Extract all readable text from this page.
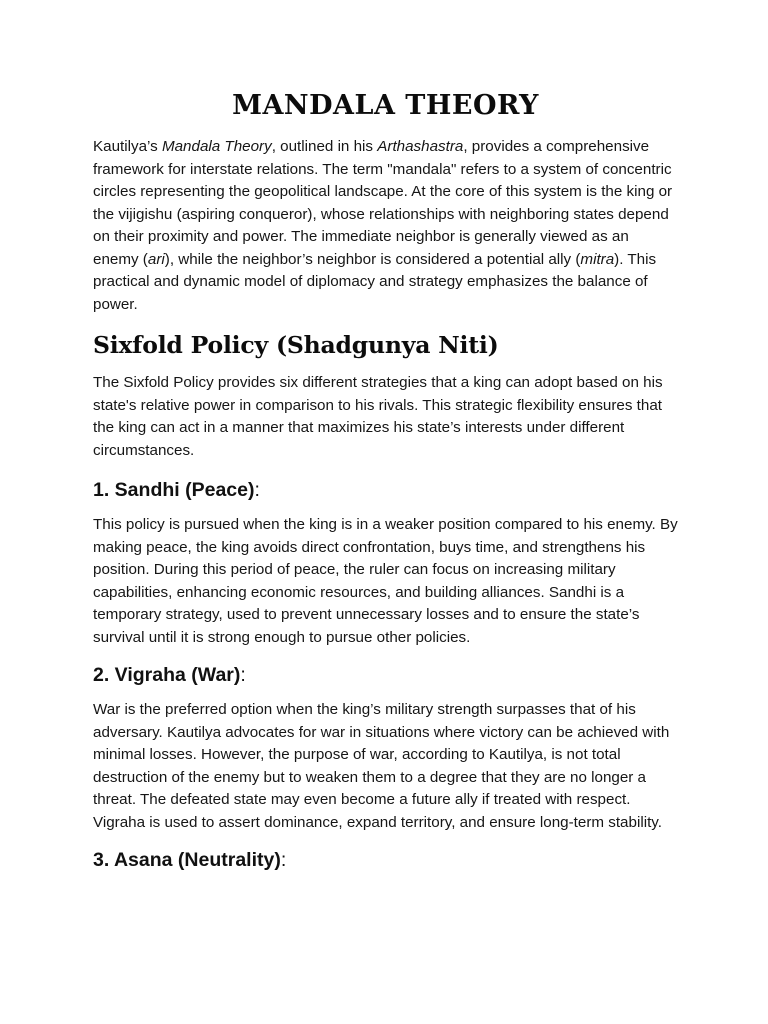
MANDALA THEORY

Kautilya’s Mandala Theory, outlined in his Arthashastra, provides a comprehensive framework for interstate relations. The term "mandala" refers to a system of concentric circles representing the geopolitical landscape. At the core of this system is the king or the vijigishu (aspiring conqueror), whose relationships with neighboring states depend on their proximity and power. The immediate neighbor is generally viewed as an enemy (ari), while the neighbor’s neighbor is considered a potential ally (mitra). This practical and dynamic model of diplomacy and strategy emphasizes the balance of power.

Sixfold Policy (Shadgunya Niti)

The Sixfold Policy provides six different strategies that a king can adopt based on his state's relative power in comparison to his rivals. This strategic flexibility ensures that the king can act in a manner that maximizes his state’s interests under different circumstances.

1. Sandhi (Peace):

This policy is pursued when the king is in a weaker position compared to his enemy. By making peace, the king avoids direct confrontation, buys time, and strengthens his position. During this period of peace, the ruler can focus on increasing military capabilities, enhancing economic resources, and building alliances. Sandhi is a temporary strategy, used to prevent unnecessary losses and to ensure the state’s survival until it is strong enough to pursue other policies.

2. Vigraha (War):

War is the preferred option when the king’s military strength surpasses that of his adversary. Kautilya advocates for war in situations where victory can be achieved with minimal losses. However, the purpose of war, according to Kautilya, is not total destruction of the enemy but to weaken them to a degree that they are no longer a threat. The defeated state may even become a future ally if treated with respect. Vigraha is used to assert dominance, expand territory, and ensure long-term stability.

3. Asana (Neutrality):
